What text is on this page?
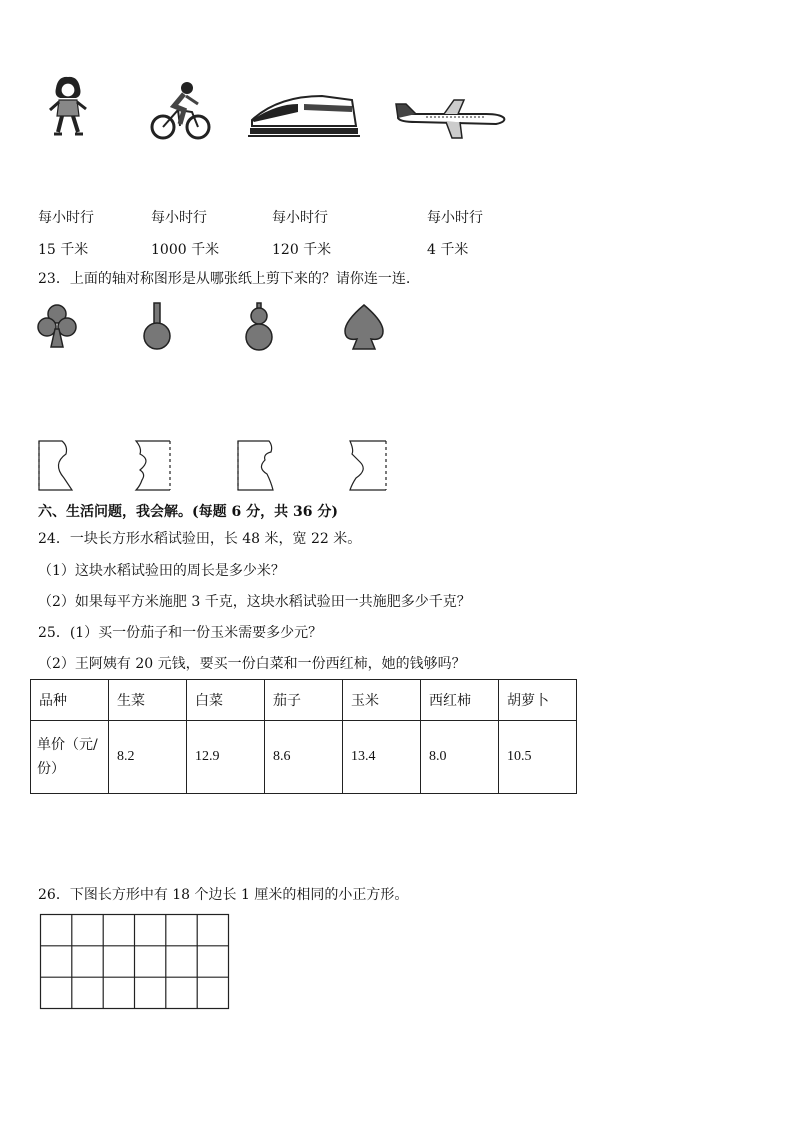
每小时行	每小时行	每小时行	每小时行
15 千米	1000 千米	120 千米	4 千米
23．上面的轴对称图形是从哪张纸上剪下来的？请你连一连.
六、生活问题，我会解。(每题 6 分，共 36 分)
24．一块长方形水稻试验田，长 48 米，宽 22 米。
（1）这块水稻试验田的周长是多少米？
（2）如果每平方米施肥 3 千克，这块水稻试验田一共施肥多少千克？
25．(1）买一份茄子和一份玉米需要多少元？
（2）王阿姨有 20 元钱，要买一份白菜和一份西红柿，她的钱够吗？
品种	生菜	白菜	茄子	玉米	西红柿	胡萝卜

单价（元/
份）	8.2	12.9	8.6	13.4	8.0	10.5
26．下图长方形中有 18 个边长 1 厘米的相同的小正方形。
